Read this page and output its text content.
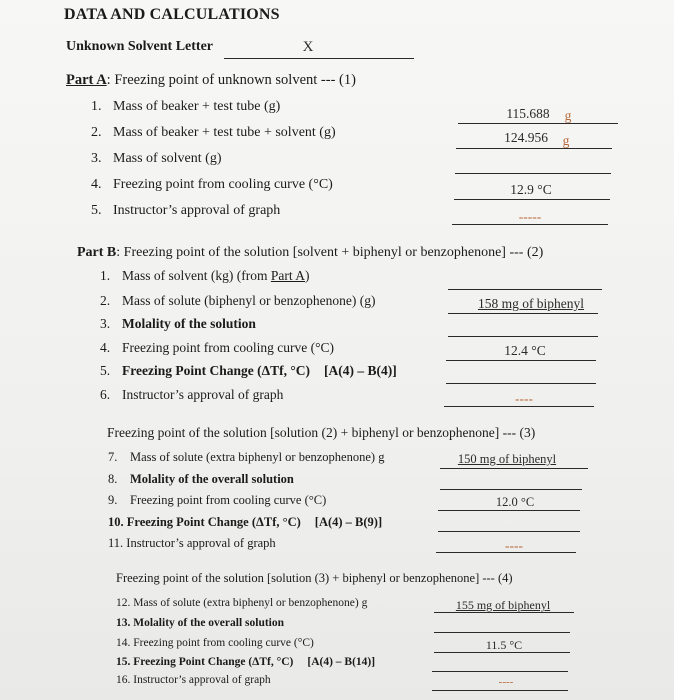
DATA AND CALCULATIONS
Unknown Solvent Letter	X
Part A: Freezing point of unknown solvent --- (1)
1. Mass of beaker + test tube (g)	115.688	g
2. Mass of beaker + test tube + solvent (g)	124.956	g
3. Mass of solvent (g)
4. Freezing point from cooling curve (°C)	12.9 °C
5. Instructor’s approval of graph	-----
Part B: Freezing point of the solution [solvent + biphenyl or benzophenone] --- (2)
1. Mass of solvent (kg) (from Part A)
2. Mass of solute (biphenyl or benzophenone) (g)	158 mg of biphenyl
3. Molality of the solution
4. Freezing point from cooling curve (°C)	12.4 °C
5. Freezing Point Change (ΔTf, °C) [A(4) – B(4)]
6. Instructor’s approval of graph	----
Freezing point of the solution [solution (2) + biphenyl or benzophenone] --- (3)
7. Mass of solute (extra biphenyl or benzophenone) g	150 mg of biphenyl
8. Molality of the overall solution
9. Freezing point from cooling curve (°C)	12.0 °C
10. Freezing Point Change (ΔTf, °C) [A(4) – B(9)]
11. Instructor’s approval of graph	----
Freezing point of the solution [solution (3) + biphenyl or benzophenone] --- (4)
12. Mass of solute (extra biphenyl or benzophenone) g	155 mg of biphenyl
13. Molality of the overall solution
14. Freezing point from cooling curve (°C)	11.5 °C
15. Freezing Point Change (ΔTf, °C) [A(4) – B(14)]
16. Instructor’s approval of graph	----
